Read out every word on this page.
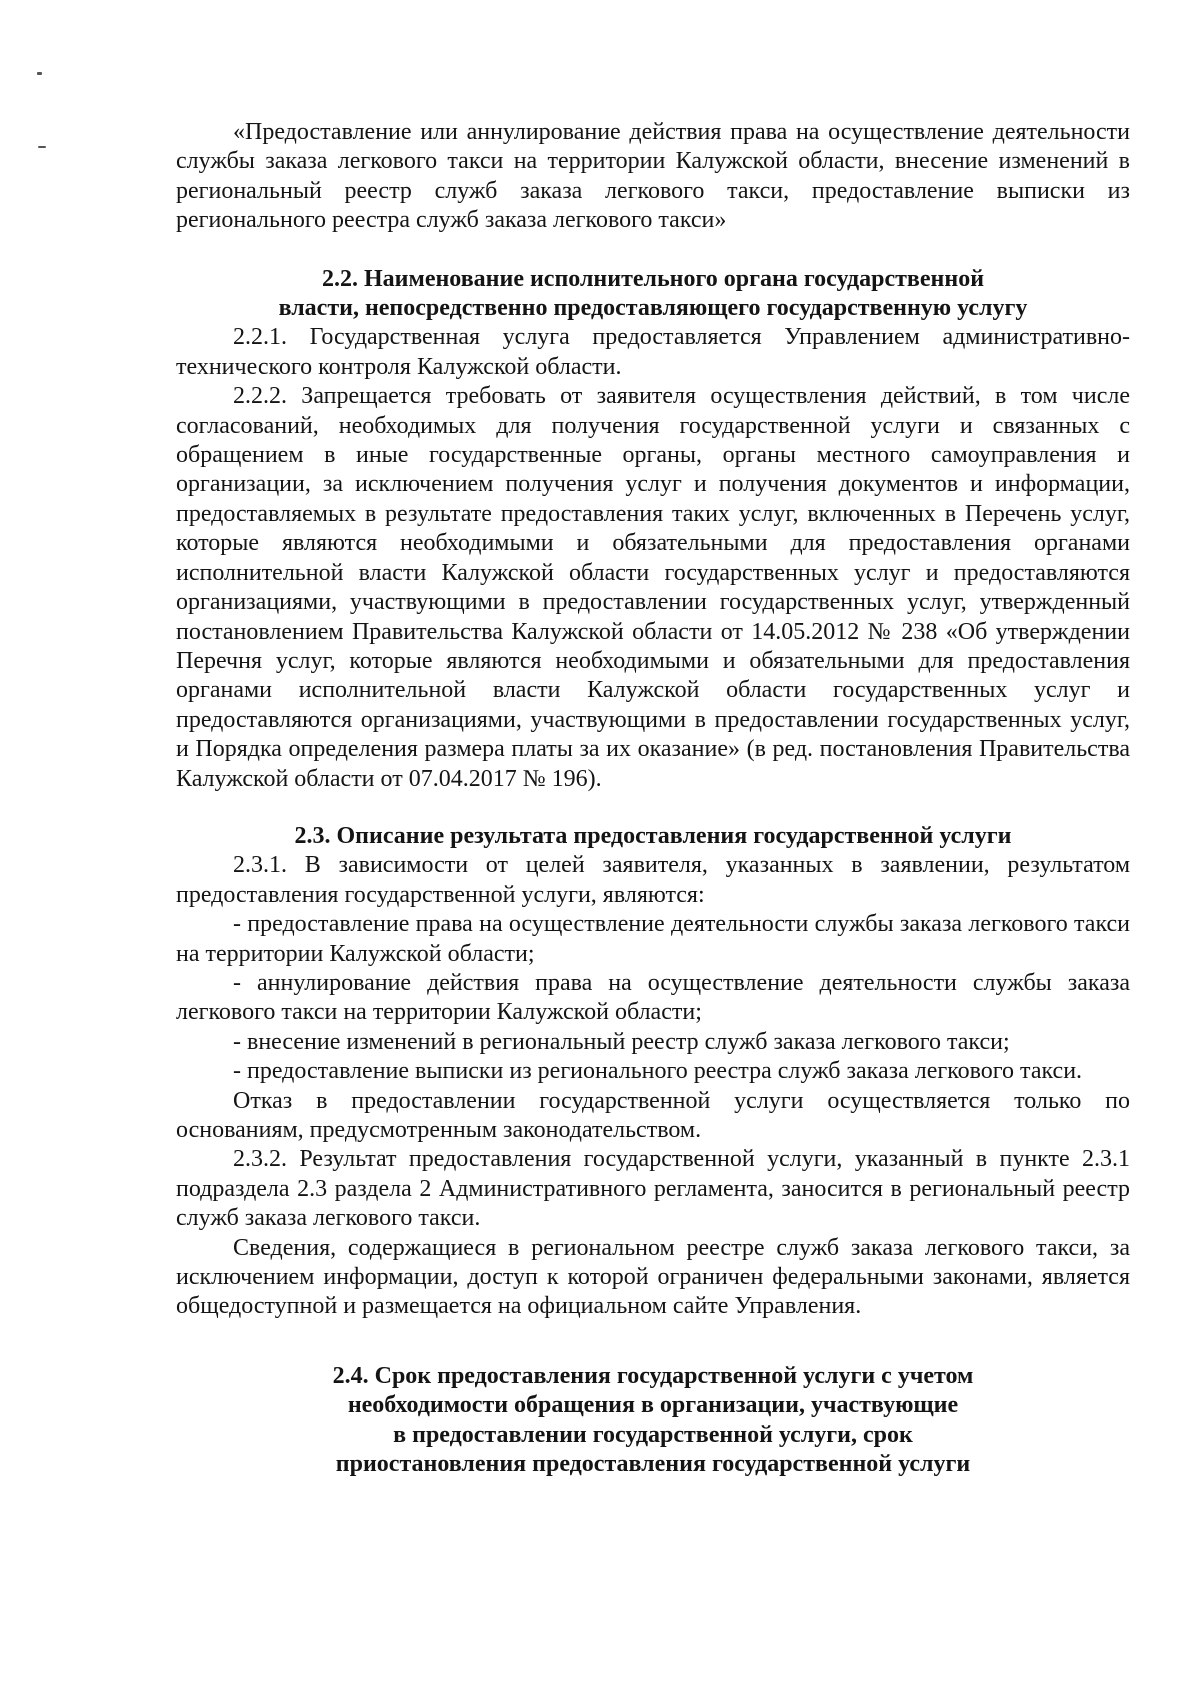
«Предоставление или аннулирование действия права на осуществление деятельности службы заказа легкового такси на территории Калужской области, внесение изменений в региональный реестр служб заказа легкового такси, предоставление выписки из регионального реестра служб заказа легкового такси»

2.2. Наименование исполнительного органа государственной

власти, непосредственно предоставляющего государственную услугу

2.2.1. Государственная услуга предоставляется Управлением административно-технического контроля Калужской области.

2.2.2. Запрещается требовать от заявителя осуществления действий, в том числе согласований, необходимых для получения государственной услуги и связанных с обращением в иные государственные органы, органы местного самоуправления и организации, за исключением получения услуг и получения документов и информации, предоставляемых в результате предоставления таких услуг, включенных в Перечень услуг, которые являются необходимыми и обязательными для предоставления органами исполнительной власти Калужской области государственных услуг и предоставляются организациями, участвующими в предоставлении государственных услуг, утвержденный постановлением Правительства Калужской области от 14.05.2012 № 238 «Об утверждении Перечня услуг, которые являются необходимыми и обязательными для предоставления органами исполнительной власти Калужской области государственных услуг и предоставляются организациями, участвующими в предоставлении государственных услуг, и Порядка определения размера платы за их оказание» (в ред. постановления Правительства Калужской области от 07.04.2017 № 196).

2.3. Описание результата предоставления государственной услуги

2.3.1. В зависимости от целей заявителя, указанных в заявлении, результатом предоставления государственной услуги, являются:

- предоставление права на осуществление деятельности службы заказа легкового такси на территории Калужской области;

- аннулирование действия права на осуществление деятельности службы заказа легкового такси на территории Калужской области;

- внесение изменений в региональный реестр служб заказа легкового такси;

- предоставление выписки из регионального реестра служб заказа легкового такси.

Отказ в предоставлении государственной услуги осуществляется только по основаниям, предусмотренным законодательством.

2.3.2. Результат предоставления государственной услуги, указанный в пункте 2.3.1 подраздела 2.3 раздела 2 Административного регламента, заносится в региональный реестр служб заказа легкового такси.

Сведения, содержащиеся в региональном реестре служб заказа легкового такси, за исключением информации, доступ к которой ограничен федеральными законами, является общедоступной и размещается на официальном сайте Управления.

2.4. Срок предоставления государственной услуги с учетом

необходимости обращения в организации, участвующие

в предоставлении государственной услуги, срок

приостановления предоставления государственной услуги
